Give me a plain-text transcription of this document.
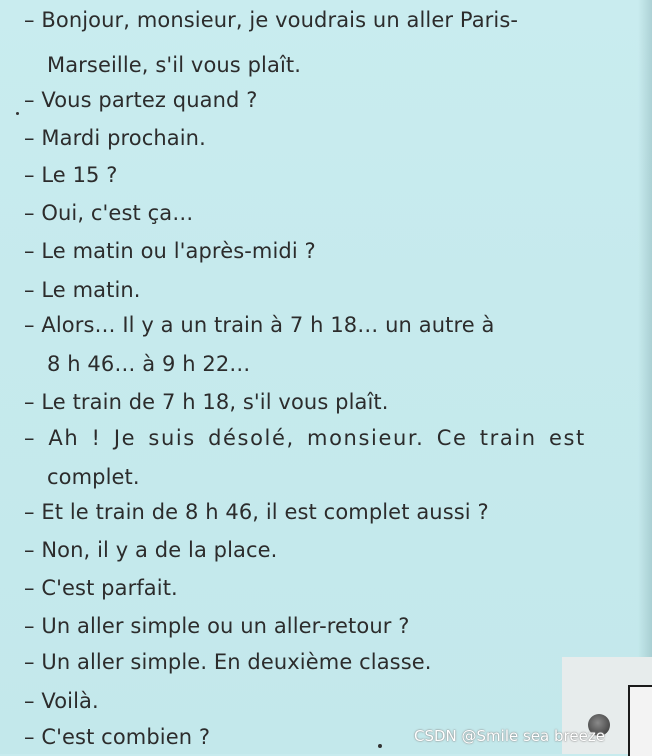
– Bonjour, monsieur, je voudrais un aller Paris-
Marseille, s'il vous plaît.
– Vous partez quand ?
– Mardi prochain.
– Le 15 ?
– Oui, c'est ça…
– Le matin ou l'après-midi ?
– Le matin.
– Alors… Il y a un train à 7 h 18… un autre à
8 h 46… à 9 h 22…
– Le train de 7 h 18, s'il vous plaît.
– Ah ! Je suis désolé, monsieur. Ce train est
complet.
– Et le train de 8 h 46, il est complet aussi ?
– Non, il y a de la place.
– C'est parfait.
– Un aller simple ou un aller-retour ?
– Un aller simple. En deuxième classe.
– Voilà.
– C'est combien ?	CSDN @Smile sea breeze
